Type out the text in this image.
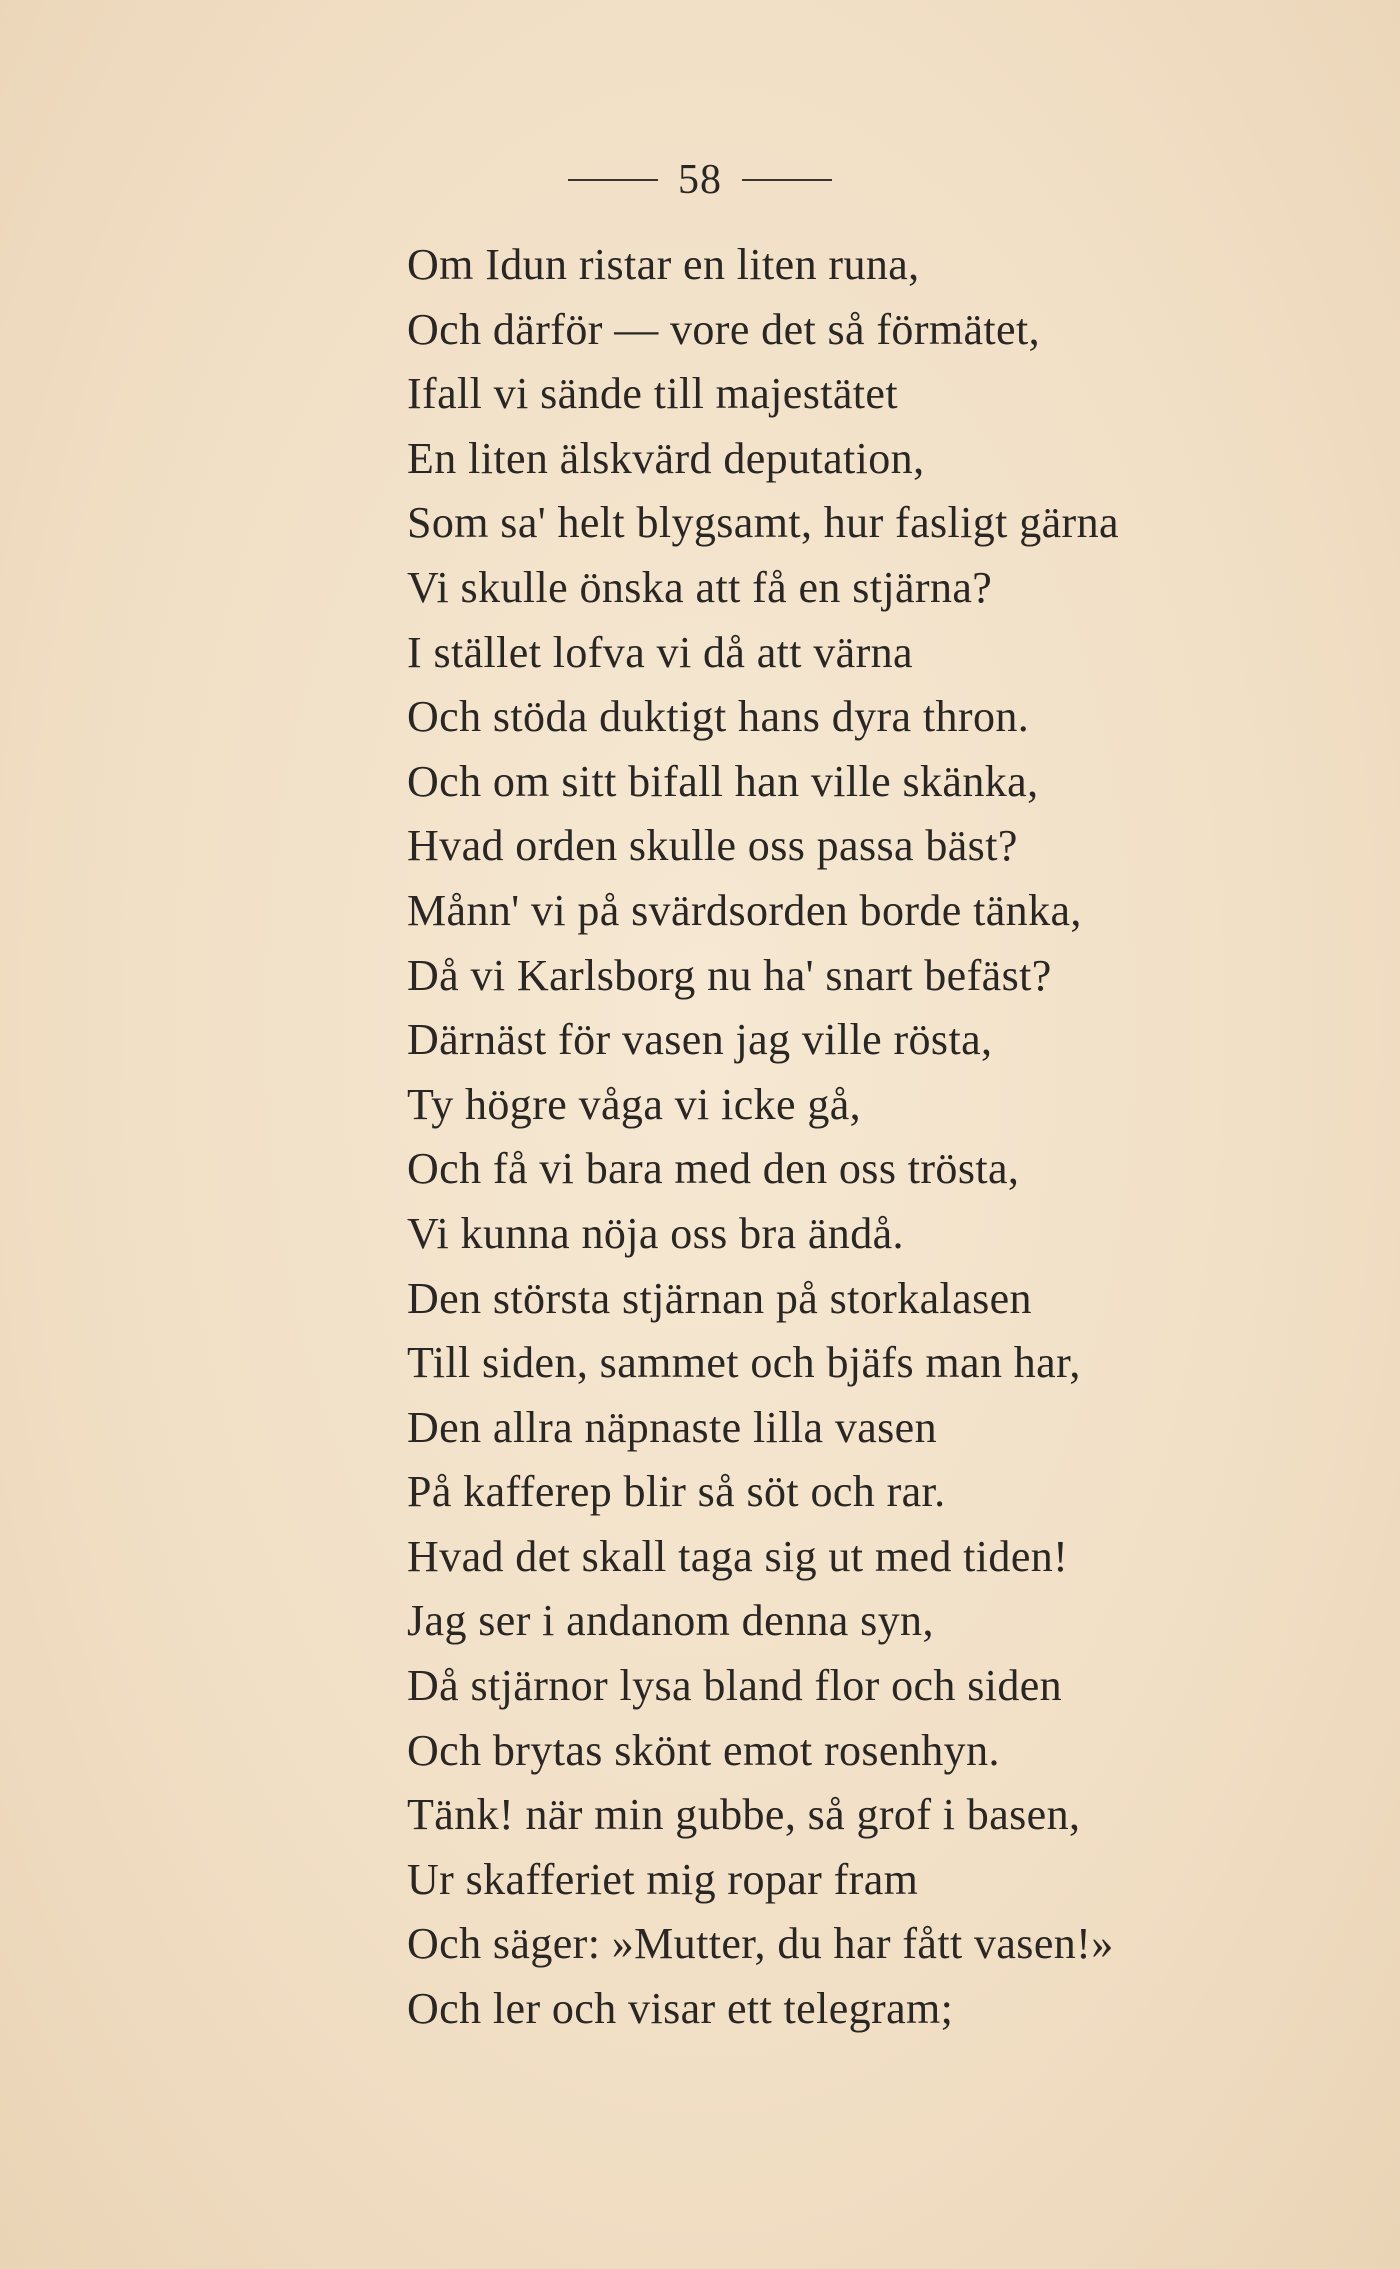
58
Om Idun ristar en liten runa,
Och därför — vore det så förmätet,
Ifall vi sände till majestätet
En liten älskvärd deputation,
Som sa' helt blygsamt, hur fasligt gärna
Vi skulle önska att få en stjärna?
I stället lofva vi då att värna
Och stöda duktigt hans dyra thron.
Och om sitt bifall han ville skänka,
Hvad orden skulle oss passa bäst?
Månn' vi på svärdsorden borde tänka,
Då vi Karlsborg nu ha' snart befäst?
Därnäst för vasen jag ville rösta,
Ty högre våga vi icke gå,
Och få vi bara med den oss trösta,
Vi kunna nöja oss bra ändå.
Den största stjärnan på storkalasen
Till siden, sammet och bjäfs man har,
Den allra näpnaste lilla vasen
På kafferep blir så söt och rar.
Hvad det skall taga sig ut med tiden!
Jag ser i andanom denna syn,
Då stjärnor lysa bland flor och siden
Och brytas skönt emot rosenhyn.
Tänk! när min gubbe, så grof i basen,
Ur skafferiet mig ropar fram
Och säger: »Mutter, du har fått vasen!»
Och ler och visar ett telegram;
